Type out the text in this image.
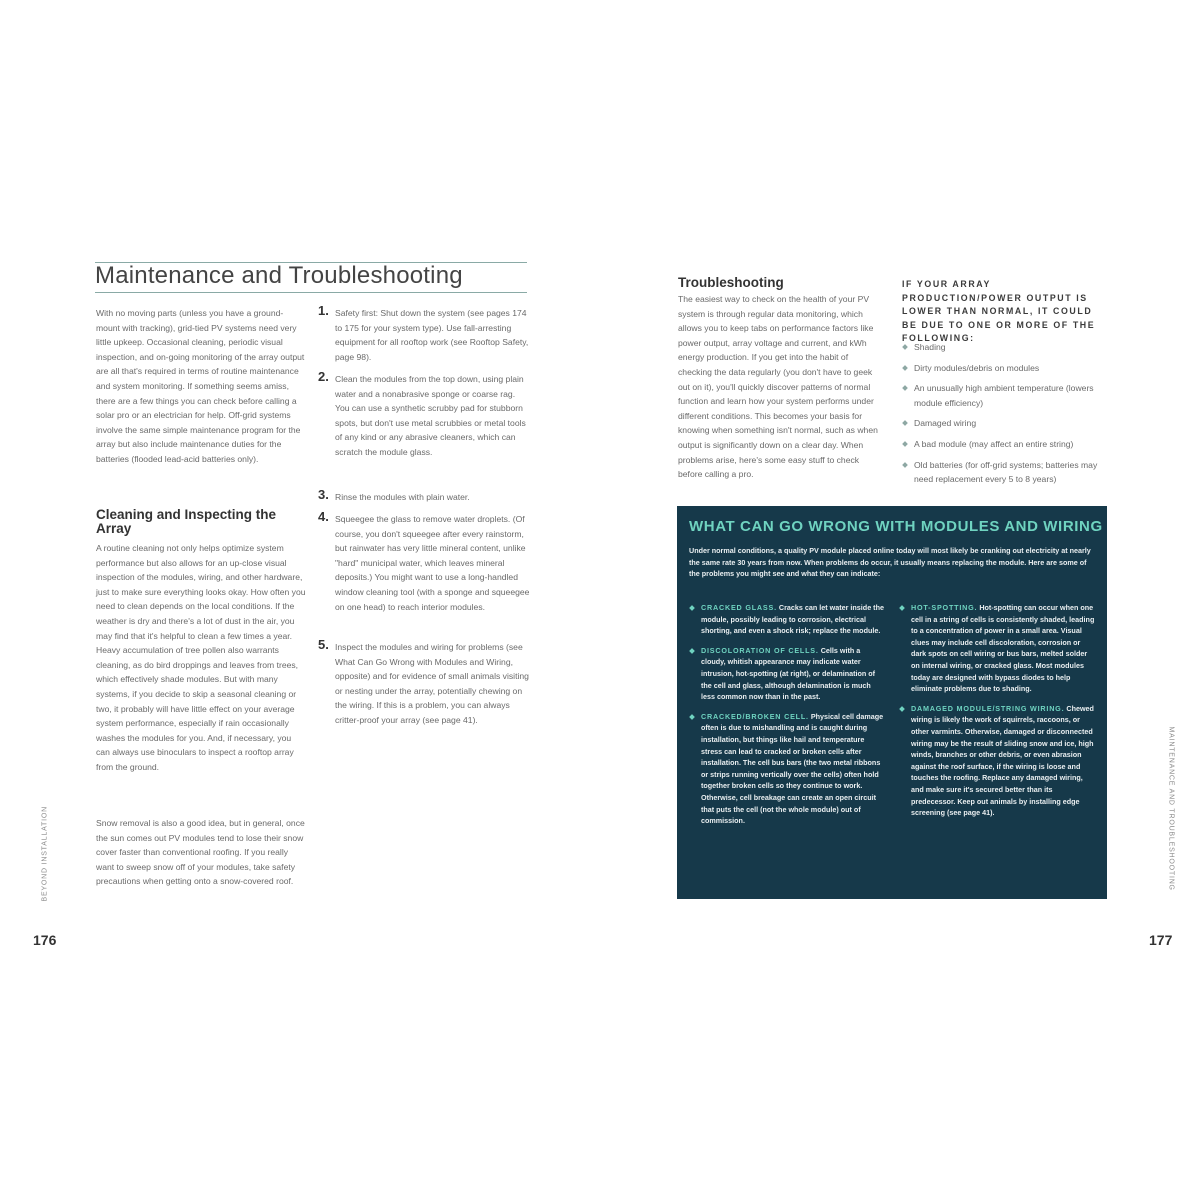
Maintenance and Troubleshooting

With no moving parts (unless you have a ground-mount with tracking), grid-tied PV systems need very little upkeep. Occasional cleaning, periodic visual inspection, and on-going monitoring of the array output are all that's required in terms of routine maintenance and system monitoring. If something seems amiss, there are a few things you can check before calling a solar pro or an electrician for help. Off-grid systems involve the same simple maintenance program for the array but also include maintenance duties for the batteries (flooded lead-acid batteries only).

Cleaning and Inspecting the Array

A routine cleaning not only helps optimize system performance but also allows for an up-close visual inspection of the modules, wiring, and other hardware, just to make sure everything looks okay. How often you need to clean depends on the local conditions. If the weather is dry and there's a lot of dust in the air, you may find that it's helpful to clean a few times a year. Heavy accumulation of tree pollen also warrants cleaning, as do bird droppings and leaves from trees, which effectively shade modules. But with many systems, if you decide to skip a seasonal cleaning or two, it probably will have little effect on your average system performance, especially if rain occasionally washes the modules for you. And, if necessary, you can always use binoculars to inspect a rooftop array from the ground.

Snow removal is also a good idea, but in general, once the sun comes out PV modules tend to lose their snow cover faster than conventional roofing. If you really want to sweep snow off of your modules, take safety precautions when getting onto a snow-covered roof.

1. Safety first: Shut down the system (see pages 174 to 175 for your system type). Use fall-arresting equipment for all rooftop work (see Rooftop Safety, page 98).
2. Clean the modules from the top down, using plain water and a nonabrasive sponge or coarse rag. You can use a synthetic scrubby pad for stubborn spots, but don't use metal scrubbies or metal tools of any kind or any abrasive cleaners, which can scratch the module glass.
3. Rinse the modules with plain water.
4. Squeegee the glass to remove water droplets. (Of course, you don't squeegee after every rainstorm, but rainwater has very little mineral content, unlike "hard" municipal water, which leaves mineral deposits.) You might want to use a long-handled window cleaning tool (with a sponge and squeegee on one head) to reach interior modules.
5. Inspect the modules and wiring for problems (see What Can Go Wrong with Modules and Wiring, opposite) and for evidence of small animals visiting or nesting under the array, potentially chewing on the wiring. If this is a problem, you can always critter-proof your array (see page 41).
BEYOND INSTALLATION
176
Troubleshooting

The easiest way to check on the health of your PV system is through regular data monitoring, which allows you to keep tabs on performance factors like power output, array voltage and current, and kWh energy production. If you get into the habit of checking the data regularly (you don't have to geek out on it), you'll quickly discover patterns of normal function and learn how your system performs under different conditions. This becomes your basis for knowing when something isn't normal, such as when output is significantly down on a clear day. When problems arise, here's some easy stuff to check before calling a pro.

IF YOUR ARRAY PRODUCTION/POWER OUTPUT IS LOWER THAN NORMAL, IT COULD BE DUE TO ONE OR MORE OF THE FOLLOWING:

Shading
Dirty modules/debris on modules
An unusually high ambient temperature (lowers module efficiency)
Damaged wiring
A bad module (may affect an entire string)
Old batteries (for off-grid systems; batteries may need replacement every 5 to 8 years)
WHAT CAN GO WRONG WITH MODULES AND WIRING

Under normal conditions, a quality PV module placed online today will most likely be cranking out electricity at nearly the same rate 30 years from now. When problems do occur, it usually means replacing the module. Here are some of the problems you might see and what they can indicate:

CRACKED GLASS. Cracks can let water inside the module, possibly leading to corrosion, electrical shorting, and even a shock risk; replace the module.
DISCOLORATION OF CELLS. Cells with a cloudy, whitish appearance may indicate water intrusion, hot-spotting (at right), or delamination of the cell and glass, although delamination is much less common now than in the past.
CRACKED/BROKEN CELL. Physical cell damage often is due to mishandling and is caught during installation, but things like hail and temperature stress can lead to cracked or broken cells after installation. The cell bus bars (the two metal ribbons or strips running vertically over the cells) often hold together broken cells so they continue to work. Otherwise, cell breakage can create an open circuit that puts the cell (not the whole module) out of commission.
HOT-SPOTTING. Hot-spotting can occur when one cell in a string of cells is consistently shaded, leading to a concentration of power in a small area. Visual clues may include cell discoloration, corrosion or dark spots on cell wiring or bus bars, melted solder on internal wiring, or cracked glass. Most modules today are designed with bypass diodes to help eliminate problems due to shading.
DAMAGED MODULE/STRING WIRING. Chewed wiring is likely the work of squirrels, raccoons, or other varmints. Otherwise, damaged or disconnected wiring may be the result of sliding snow and ice, high winds, branches or other debris, or even abrasion against the roof surface, if the wiring is loose and touches the roofing. Replace any damaged wiring, and make sure it's secured better than its predecessor. Keep out animals by installing edge screening (see page 41).	MAINTENANCE AND TROUBLESHOOTING
177
